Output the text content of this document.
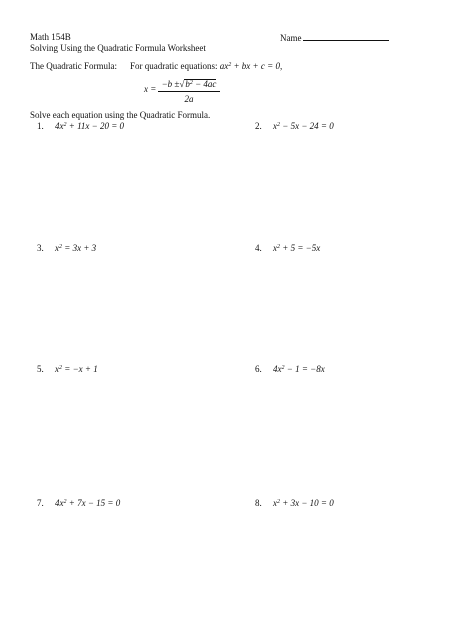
Math 154B	Name
Solving Using the Quadratic Formula Worksheet
The Quadratic Formula: For quadratic equations: $ax^2$ + bx + c = 0,
$x = -b \pm√b^2 - 4ac$
2a
Solve each equation using the Quadratic Formula.
1. $4x^2 + 11x - 20 = 0$	2. $x^2 - 5x - 24 = 0$
3. $x^2 = 3x + 3$	4. $x^2 + 5 = -5x$
5. $x^2 = -x + 1$	6. $4x^2 - 1 = -8x$
7. $4x^2 + 7x - 15 = 0$	8. $x^2 + 3x - 10 = 0$
